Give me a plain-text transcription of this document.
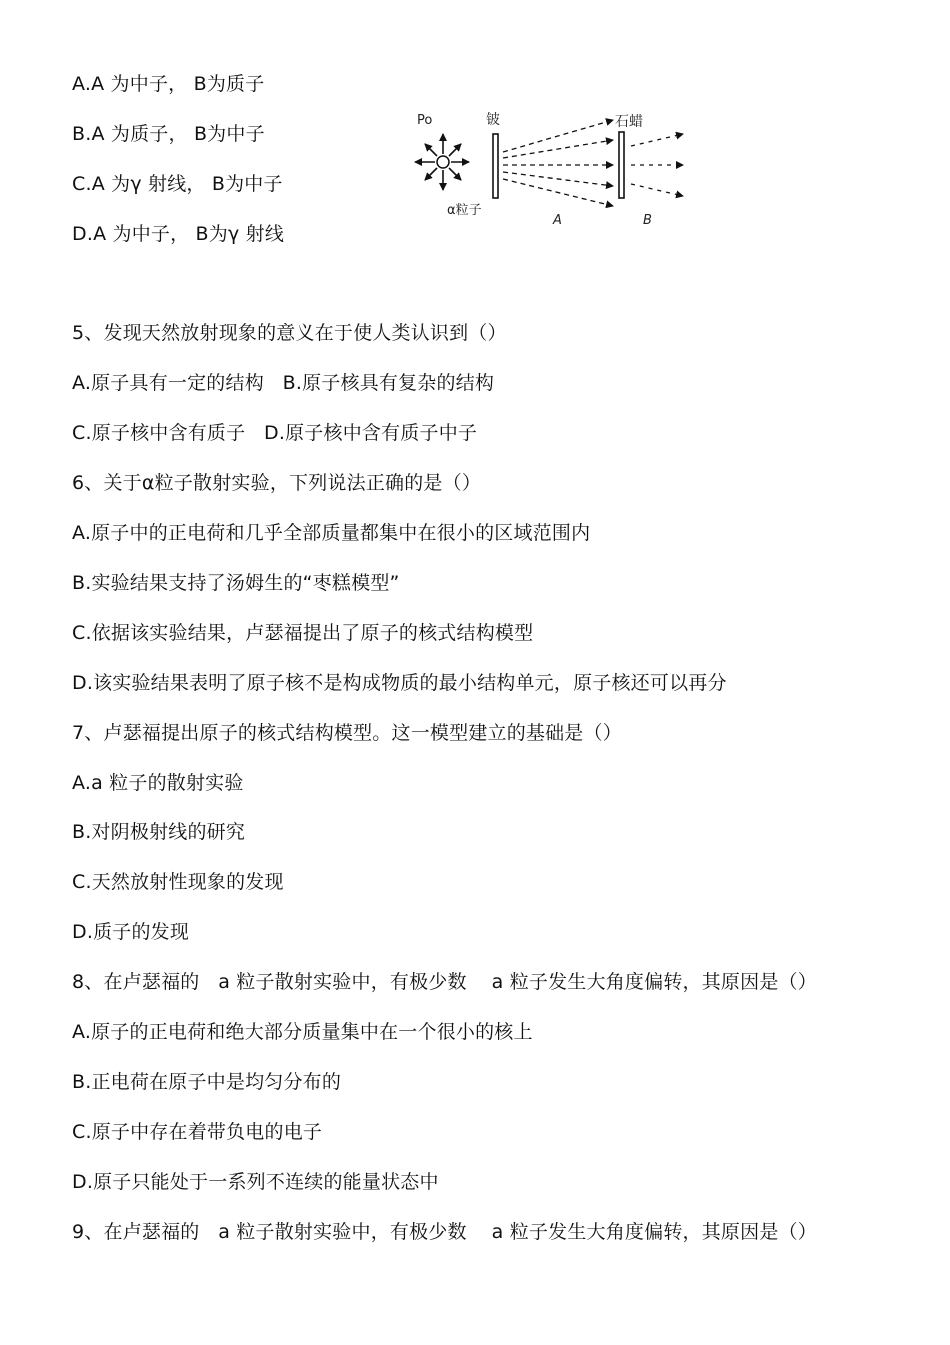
A.A 为中子， B为质子
B.A 为质子， B为中子
C.A 为γ 射线， B为中子
D.A 为中子， B为γ 射线
Po
α粒子
铍
A
石蜡
B
5、发现天然放射现象的意义在于使人类认识到（）
A.原子具有一定的结构   B.原子核具有复杂的结构
C.原子核中含有质子   D.原子核中含有质子中子
6、关于α粒子散射实验，下列说法正确的是（）
A.原子中的正电荷和几乎全部质量都集中在很小的区域范围内
B.实验结果支持了汤姆生的“枣糕模型”
C.依据该实验结果，卢瑟福提出了原子的核式结构模型
D.该实验结果表明了原子核不是构成物质的最小结构单元，原子核还可以再分
7、卢瑟福提出原子的核式结构模型。这一模型建立的基础是（）
A.a 粒子的散射实验
B.对阴极射线的研究
C.天然放射性现象的发现
D.质子的发现
8、在卢瑟福的   a 粒子散射实验中，有极少数    a 粒子发生大角度偏转，其原因是（）
A.原子的正电荷和绝大部分质量集中在一个很小的核上
B.正电荷在原子中是均匀分布的
C.原子中存在着带负电的电子
D.原子只能处于一系列不连续的能量状态中
9、在卢瑟福的   a 粒子散射实验中，有极少数    a 粒子发生大角度偏转，其原因是（）
